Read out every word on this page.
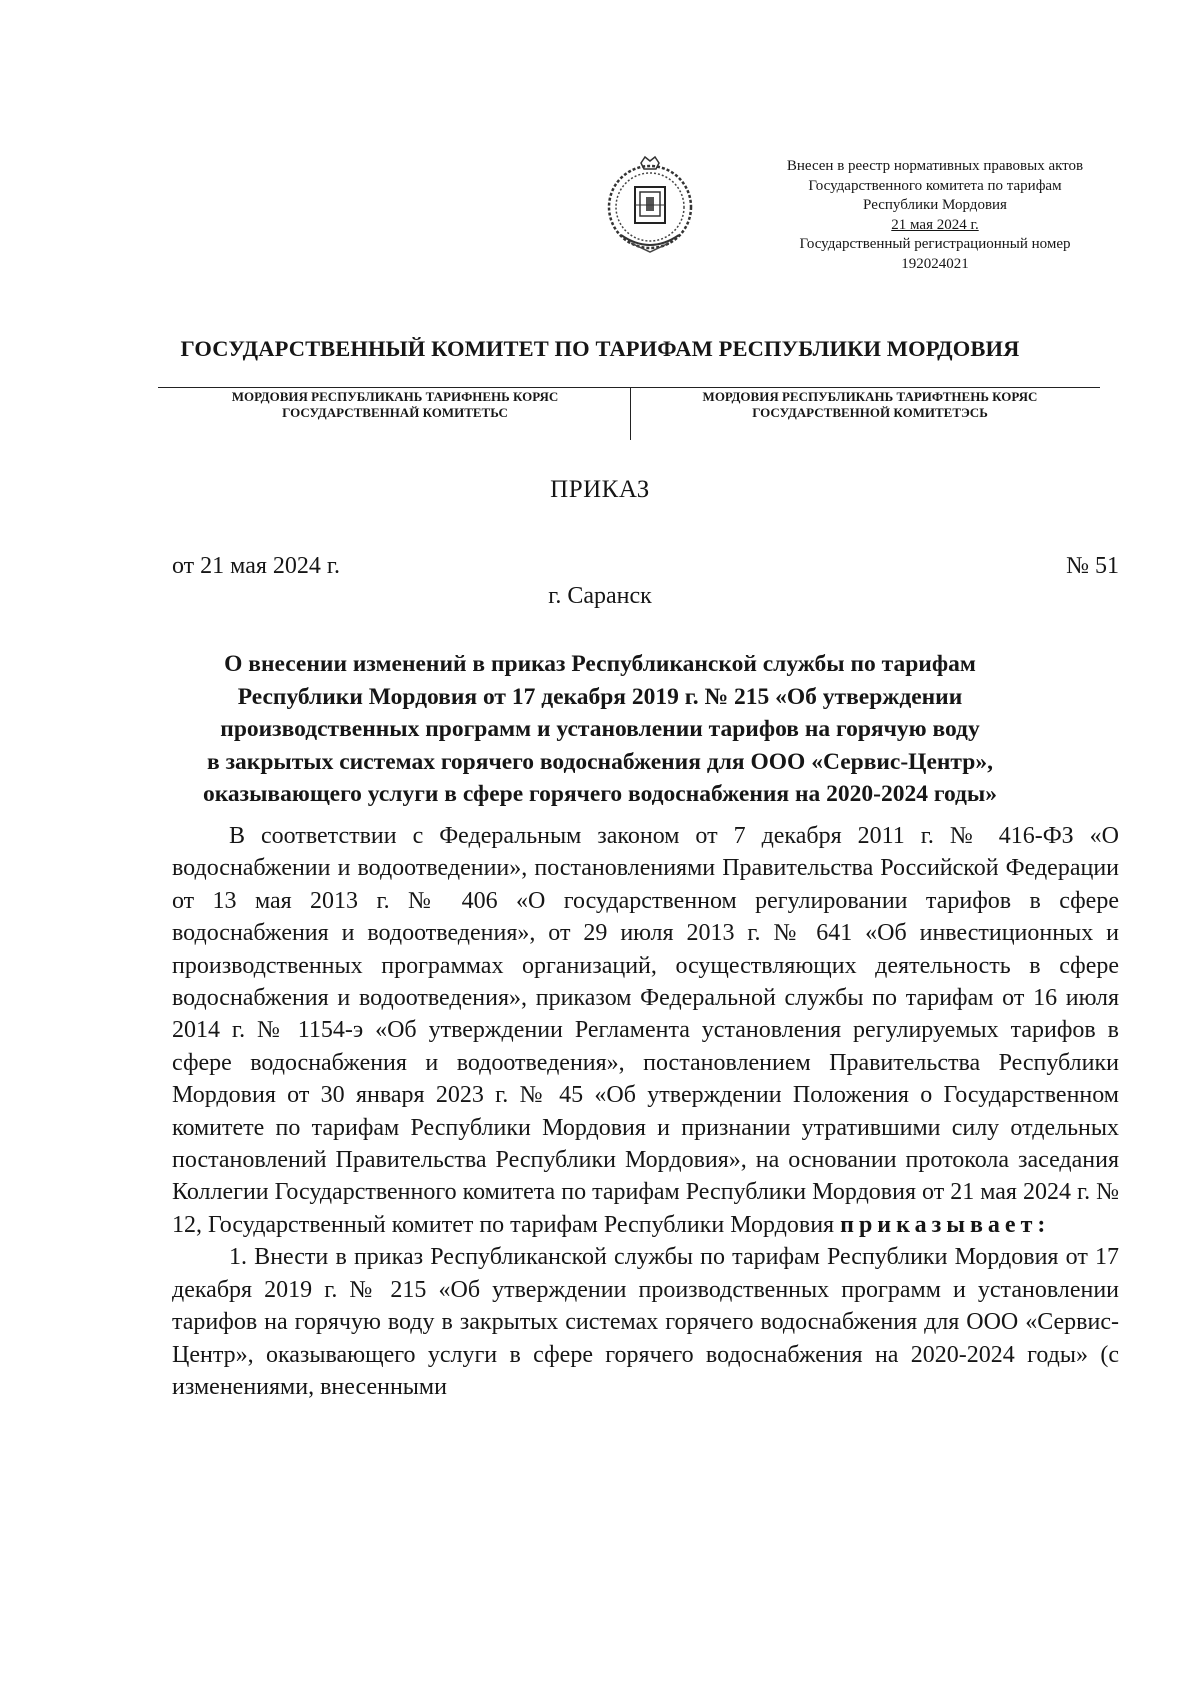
Внесен в реестр нормативных правовых актов
Государственного комитета по тарифам
Республики Мордовия
21 мая 2024 г.
Государственный регистрационный номер
192024021
ГОСУДАРСТВЕННЫЙ КОМИТЕТ ПО ТАРИФАМ РЕСПУБЛИКИ МОРДОВИЯ
МОРДОВИЯ РЕСПУБЛИКАНЬ ТАРИФНЕНЬ КОРЯС
ГОСУДАРСТВЕННАЙ КОМИТЕТЬС
МОРДОВИЯ РЕСПУБЛИКАНЬ ТАРИФТНЕНЬ КОРЯС
ГОСУДАРСТВЕННОЙ КОМИТЕТЭСЬ
ПРИКАЗ
от 21 мая 2024 г.	№ 51
г. Саранск
О внесении изменений в приказ Республиканской службы по тарифам
Республики Мордовия от 17 декабря 2019 г. № 215 «Об утверждении
производственных программ и установлении тарифов на горячую воду
в закрытых системах горячего водоснабжения для ООО «Сервис-Центр»,
оказывающего услуги в сфере горячего водоснабжения на 2020-2024 годы»

В соответствии с Федеральным законом от 7 декабря 2011 г. № 416-ФЗ «О водоснабжении и водоотведении», постановлениями Правительства Российской Федерации от 13 мая 2013 г. № 406 «О государственном регулировании тарифов в сфере водоснабжения и водоотведения», от 29 июля 2013 г. № 641 «Об инвестиционных и производственных программах организаций, осуществляющих деятельность в сфере водоснабжения и водоотведения», приказом Федеральной службы по тарифам от 16 июля 2014 г. № 1154-э «Об утверждении Регламента установления регулируемых тарифов в сфере водоснабжения и водоотведения», постановлением Правительства Республики Мордовия от 30 января 2023 г. № 45 «Об утверждении Положения о Государственном комитете по тарифам Республики Мордовия и признании утратившими силу отдельных постановлений Правительства Республики Мордовия», на основании протокола заседания Коллегии Государственного комитета по тарифам Республики Мордовия от 21 мая 2024 г. № 12, Государственный комитет по тарифам Республики Мордовия приказывает:

1. Внести в приказ Республиканской службы по тарифам Республики Мордовия от 17 декабря 2019 г. № 215 «Об утверждении производственных программ и установлении тарифов на горячую воду в закрытых системах горячего водоснабжения для ООО «Сервис-Центр», оказывающего услуги в сфере горячего водоснабжения на 2020-2024 годы» (с изменениями, внесенными
